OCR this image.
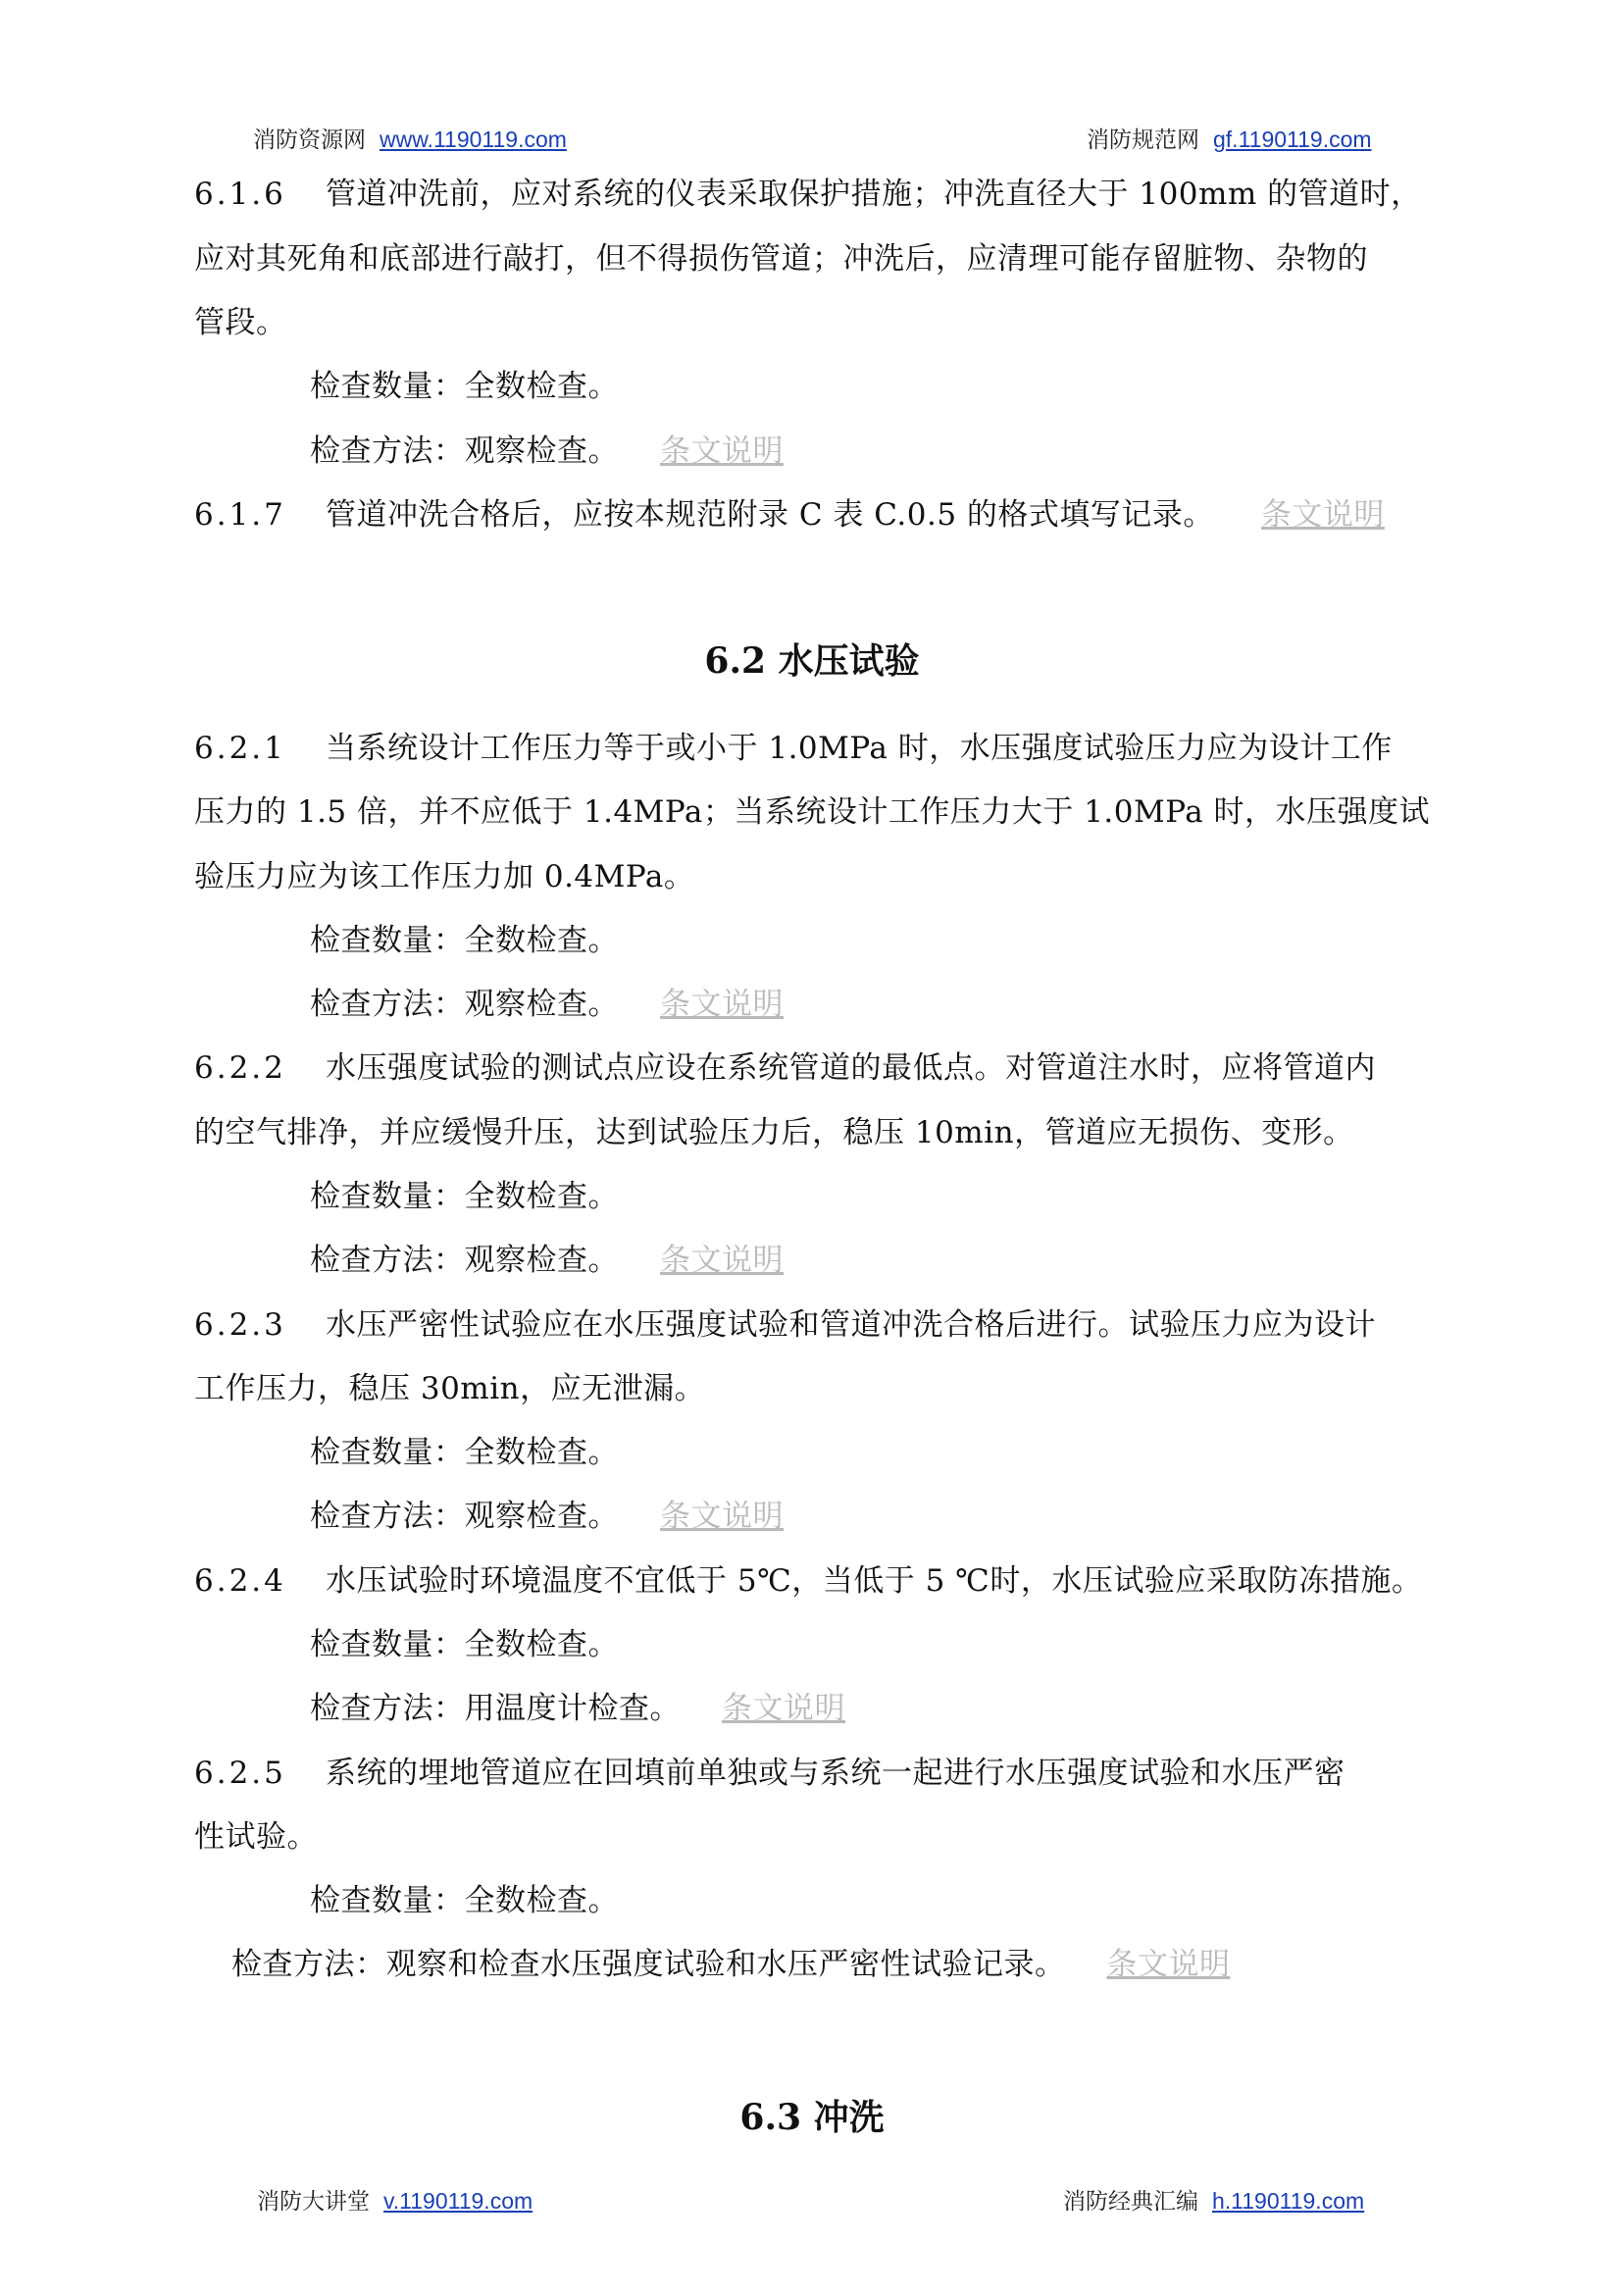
消防资源网 www.1190119.com	消防规范网 gf.1190119.com
6.1.6 管道冲洗前，应对系统的仪表采取保护措施；冲洗直径大于 100mm 的管道时，
应对其死角和底部进行敲打，但不得损伤管道；冲洗后，应清理可能存留脏物、杂物的
管段。
检查数量：全数检查。
检查方法：观察检查。 条文说明
6.1.7 管道冲洗合格后，应按本规范附录 C 表 C.0.5 的格式填写记录。 条文说明
6.2 水压试验
6.2.1 当系统设计工作压力等于或小于 1.0MPa 时，水压强度试验压力应为设计工作
压力的 1.5 倍，并不应低于 1.4MPa；当系统设计工作压力大于 1.0MPa 时，水压强度试
验压力应为该工作压力加 0.4MPa。
检查数量：全数检查。
检查方法：观察检查。 条文说明
6.2.2 水压强度试验的测试点应设在系统管道的最低点。对管道注水时，应将管道内
的空气排净，并应缓慢升压，达到试验压力后，稳压 10min，管道应无损伤、变形。
检查数量：全数检查。
检查方法：观察检查。 条文说明
6.2.3 水压严密性试验应在水压强度试验和管道冲洗合格后进行。试验压力应为设计
工作压力，稳压 30min，应无泄漏。
检查数量：全数检查。
检查方法：观察检查。 条文说明
6.2.4 水压试验时环境温度不宜低于 5℃，当低于 5 ℃时，水压试验应采取防冻措施。
检查数量：全数检查。
检查方法：用温度计检查。 条文说明
6.2.5 系统的埋地管道应在回填前单独或与系统一起进行水压强度试验和水压严密
性试验。
检查数量：全数检查。
检查方法：观察和检查水压强度试验和水压严密性试验记录。 条文说明
6.3 冲洗
消防大讲堂 v.1190119.com	消防经典汇编 h.1190119.com
